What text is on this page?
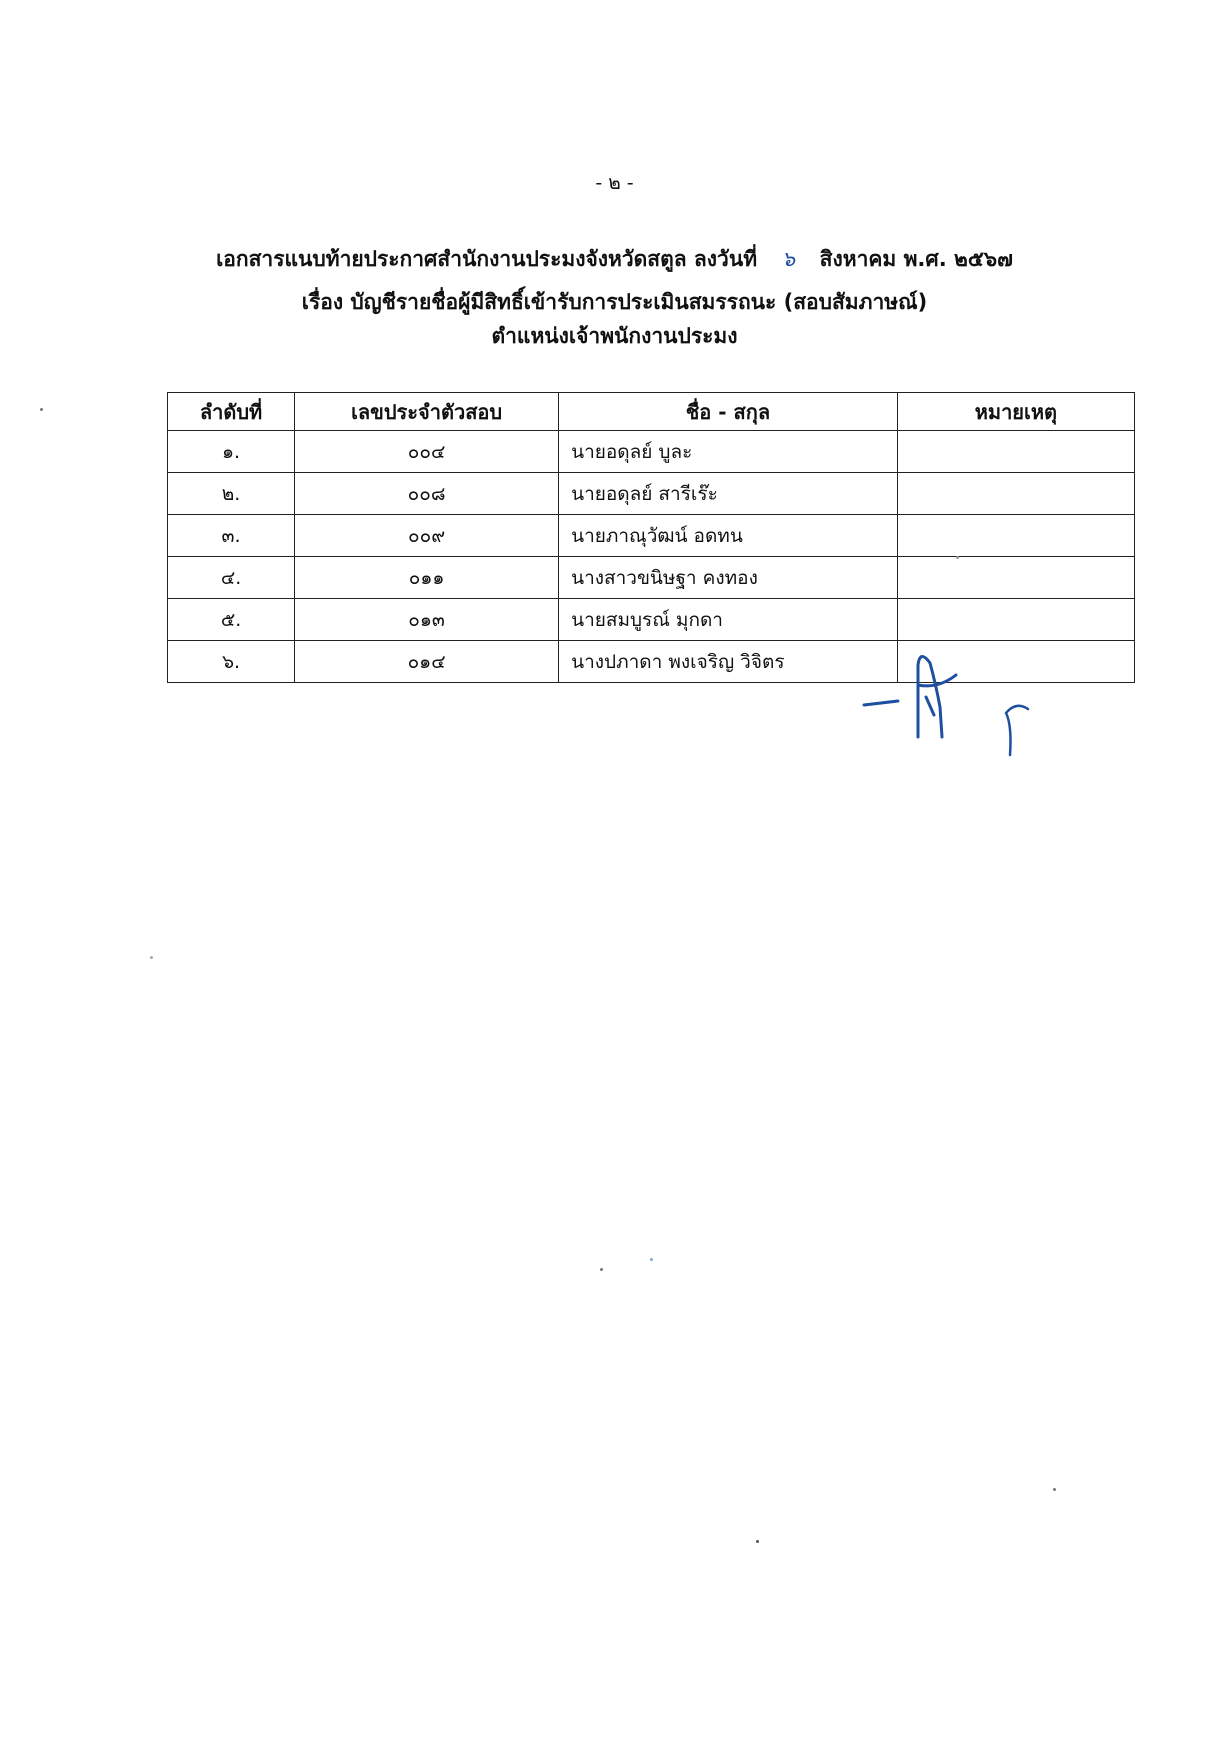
- ๒ -
เอกสารแนบท้ายประกาศสำนักงานประมงจังหวัดสตูล ลงวันที่ ๖ สิงหาคม พ.ศ. ๒๕๖๗
เรื่อง บัญชีรายชื่อผู้มีสิทธิ์เข้ารับการประเมินสมรรถนะ (สอบสัมภาษณ์)
ตำแหน่งเจ้าพนักงานประมง
ลำดับที่	เลขประจำตัวสอบ	ชื่อ - สกุล	หมายเหตุ
๑.	๐๐๔	นายอดุลย์ บูละ	
๒.	๐๐๘	นายอดุลย์ สารีเร๊ะ	
๓.	๐๐๙	นายภาณุวัฒน์ อดทน	
๔.	๐๑๑	นางสาวขนิษฐา คงทอง	
๕.	๐๑๓	นายสมบูรณ์ มุกดา	
๖.	๐๑๔	นางปภาดา พงเจริญ วิจิตร	
